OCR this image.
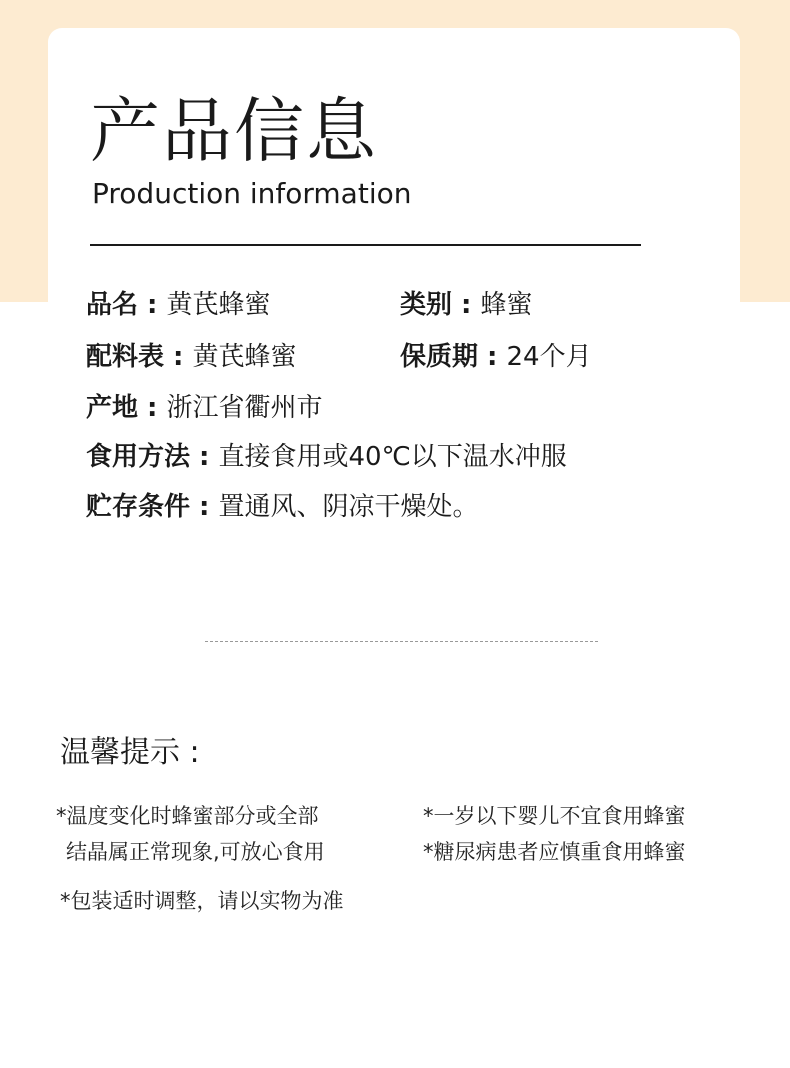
产品信息
Production information
品名 : 黄芪蜂蜜	类别 : 蜂蜜
配料表 : 黄芪蜂蜜	保质期 : 24个月
产地 : 浙江省衢州市
食用方法 : 直接食用或40℃以下温水冲服
贮存条件 : 置通风、阴凉干燥处。
温馨提示 :
*温度变化时蜂蜜部分或全部
结晶属正常现象,可放心食用
*一岁以下婴儿不宜食用蜂蜜
*糖尿病患者应慎重食用蜂蜜
*包装适时调整，请以实物为准
